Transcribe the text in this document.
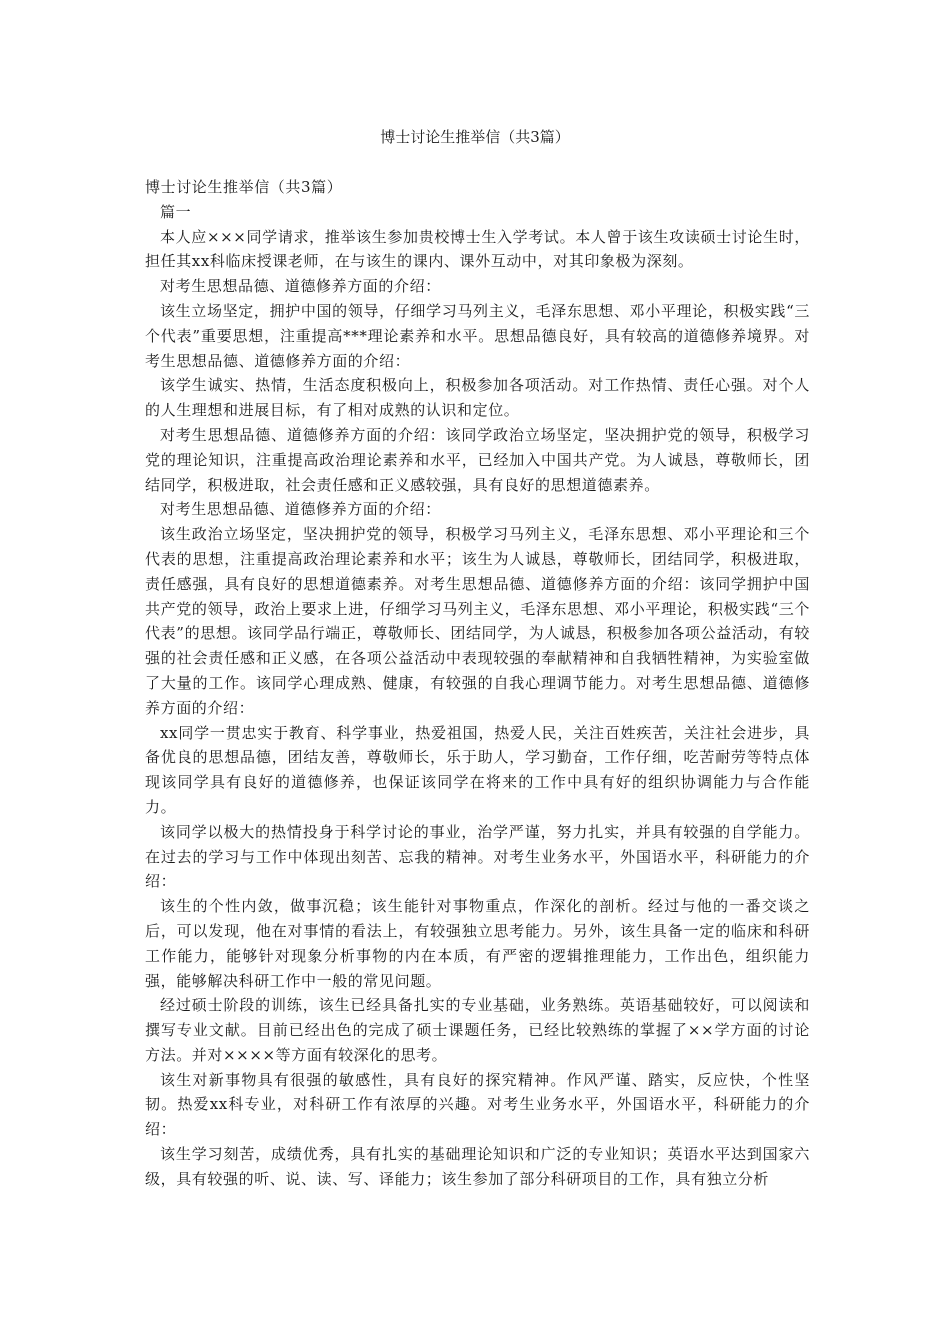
博士讨论生推举信（共3篇）

博士讨论生推举信（共3篇）

篇一

本人应×××同学请求，推举该生参加贵校博士生入学考试。本人曾于该生攻读硕士讨论生时，担任其xx科临床授课老师，在与该生的课内、课外互动中，对其印象极为深刻。

对考生思想品德、道德修养方面的介绍：

该生立场坚定，拥护中国的领导，仔细学习马列主义，毛泽东思想、邓小平理论，积极实践“三个代表”重要思想，注重提高***理论素养和水平。思想品德良好，具有较高的道德修养境界。对考生思想品德、道德修养方面的介绍：

该学生诚实、热情，生活态度积极向上，积极参加各项活动。对工作热情、责任心强。对个人的人生理想和进展目标，有了相对成熟的认识和定位。

对考生思想品德、道德修养方面的介绍：该同学政治立场坚定，坚决拥护党的领导，积极学习党的理论知识，注重提高政治理论素养和水平，已经加入中国共产党。为人诚恳，尊敬师长，团结同学，积极进取，社会责任感和正义感较强，具有良好的思想道德素养。

对考生思想品德、道德修养方面的介绍：

该生政治立场坚定，坚决拥护党的领导，积极学习马列主义，毛泽东思想、邓小平理论和三个代表的思想，注重提高政治理论素养和水平；该生为人诚恳，尊敬师长，团结同学，积极进取，责任感强，具有良好的思想道德素养。对考生思想品德、道德修养方面的介绍：该同学拥护中国共产党的领导，政治上要求上进，仔细学习马列主义，毛泽东思想、邓小平理论，积极实践“三个代表”的思想。该同学品行端正，尊敬师长、团结同学，为人诚恳，积极参加各项公益活动，有较强的社会责任感和正义感，在各项公益活动中表现较强的奉献精神和自我牺牲精神，为实验室做了大量的工作。该同学心理成熟、健康，有较强的自我心理调节能力。对考生思想品德、道德修养方面的介绍：

xx同学一贯忠实于教育、科学事业，热爱祖国，热爱人民，关注百姓疾苦，关注社会进步，具备优良的思想品德，团结友善，尊敬师长，乐于助人，学习勤奋，工作仔细，吃苦耐劳等特点体现该同学具有良好的道德修养，也保证该同学在将来的工作中具有好的组织协调能力与合作能力。

该同学以极大的热情投身于科学讨论的事业，治学严谨，努力扎实，并具有较强的自学能力。在过去的学习与工作中体现出刻苦、忘我的精神。对考生业务水平，外国语水平，科研能力的介绍：

该生的个性内敛，做事沉稳；该生能针对事物重点，作深化的剖析。经过与他的一番交谈之后，可以发现，他在对事情的看法上，有较强独立思考能力。另外，该生具备一定的临床和科研工作能力，能够针对现象分析事物的内在本质，有严密的逻辑推理能力，工作出色，组织能力强，能够解决科研工作中一般的常见问题。

经过硕士阶段的训练，该生已经具备扎实的专业基础，业务熟练。英语基础较好，可以阅读和撰写专业文献。目前已经出色的完成了硕士课题任务，已经比较熟练的掌握了××学方面的讨论方法。并对××××等方面有较深化的思考。

该生对新事物具有很强的敏感性，具有良好的探究精神。作风严谨、踏实，反应快，个性坚韧。热爱xx科专业，对科研工作有浓厚的兴趣。对考生业务水平，外国语水平，科研能力的介绍：

该生学习刻苦，成绩优秀，具有扎实的基础理论知识和广泛的专业知识；英语水平达到国家六级，具有较强的听、说、读、写、译能力；该生参加了部分科研项目的工作，具有独立分析
